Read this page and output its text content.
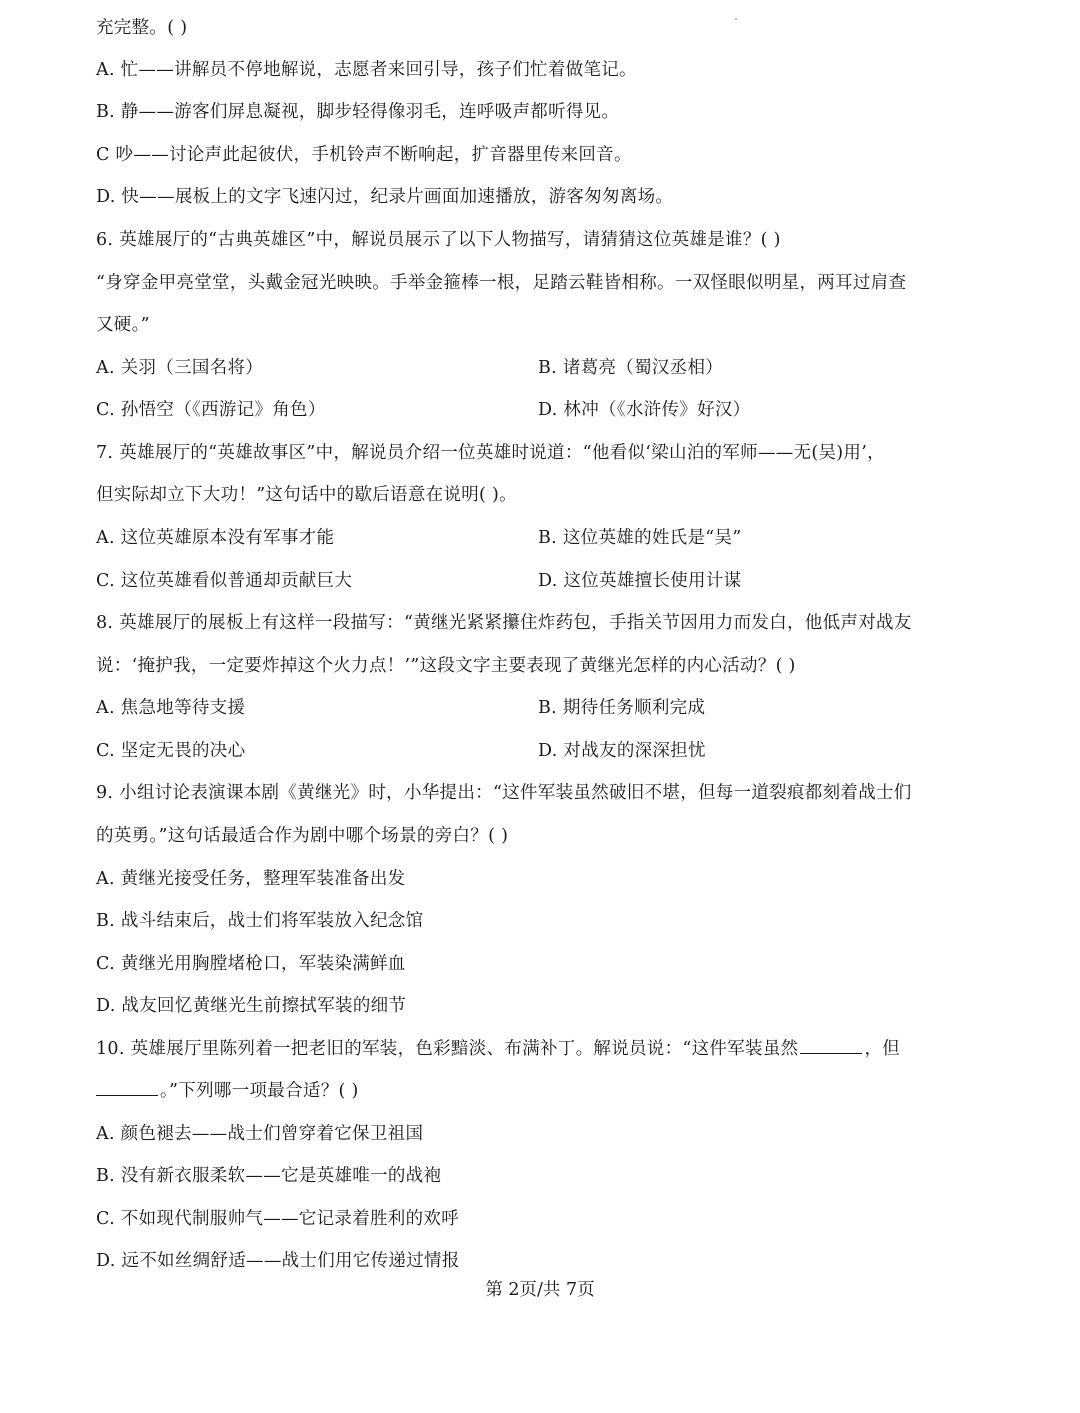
充完整。( )
A. 忙——讲解员不停地解说，志愿者来回引导，孩子们忙着做笔记。
B. 静——游客们屏息凝视，脚步轻得像羽毛，连呼吸声都听得见。
C 吵——讨论声此起彼伏，手机铃声不断响起，扩音器里传来回音。
D. 快——展板上的文字飞速闪过，纪录片画面加速播放，游客匆匆离场。
6. 英雄展厅的“古典英雄区”中，解说员展示了以下人物描写，请猜猜这位英雄是谁？( )
“身穿金甲亮堂堂，头戴金冠光映映。手举金箍棒一根，足踏云鞋皆相称。一双怪眼似明星，两耳过肩查
又硬。”
A. 关羽（三国名将）	B. 诸葛亮（蜀汉丞相）
C. 孙悟空（《西游记》角色）	D. 林冲（《水浒传》好汉）
7. 英雄展厅的“英雄故事区”中，解说员介绍一位英雄时说道：“他看似‘梁山泊的军师——无(吴)用’，
但实际却立下大功！”这句话中的歇后语意在说明( )。
A. 这位英雄原本没有军事才能	B. 这位英雄的姓氏是“吴”
C. 这位英雄看似普通却贡献巨大	D. 这位英雄擅长使用计谋
8. 英雄展厅的展板上有这样一段描写：“黄继光紧紧攥住炸药包，手指关节因用力而发白，他低声对战友
说：‘掩护我，一定要炸掉这个火力点！’”这段文字主要表现了黄继光怎样的内心活动？( )
A. 焦急地等待支援	B. 期待任务顺利完成
C. 坚定无畏的决心	D. 对战友的深深担忧
9. 小组讨论表演课本剧《黄继光》时，小华提出：“这件军装虽然破旧不堪，但每一道裂痕都刻着战士们
的英勇。”这句话最适合作为剧中哪个场景的旁白？( )
A. 黄继光接受任务，整理军装准备出发
B. 战斗结束后，战士们将军装放入纪念馆
C. 黄继光用胸膛堵枪口，军装染满鲜血
D. 战友回忆黄继光生前擦拭军装的细节
10. 英雄展厅里陈列着一把老旧的军装，色彩黯淡、布满补丁。解说员说：“这件军装虽然	，但
。”下列哪一项最合适？( )
A. 颜色褪去——战士们曾穿着它保卫祖国
B. 没有新衣服柔软——它是英雄唯一的战袍
C. 不如现代制服帅气——它记录着胜利的欢呼
D. 远不如丝绸舒适——战士们用它传递过情报
第 2页/共 7页
